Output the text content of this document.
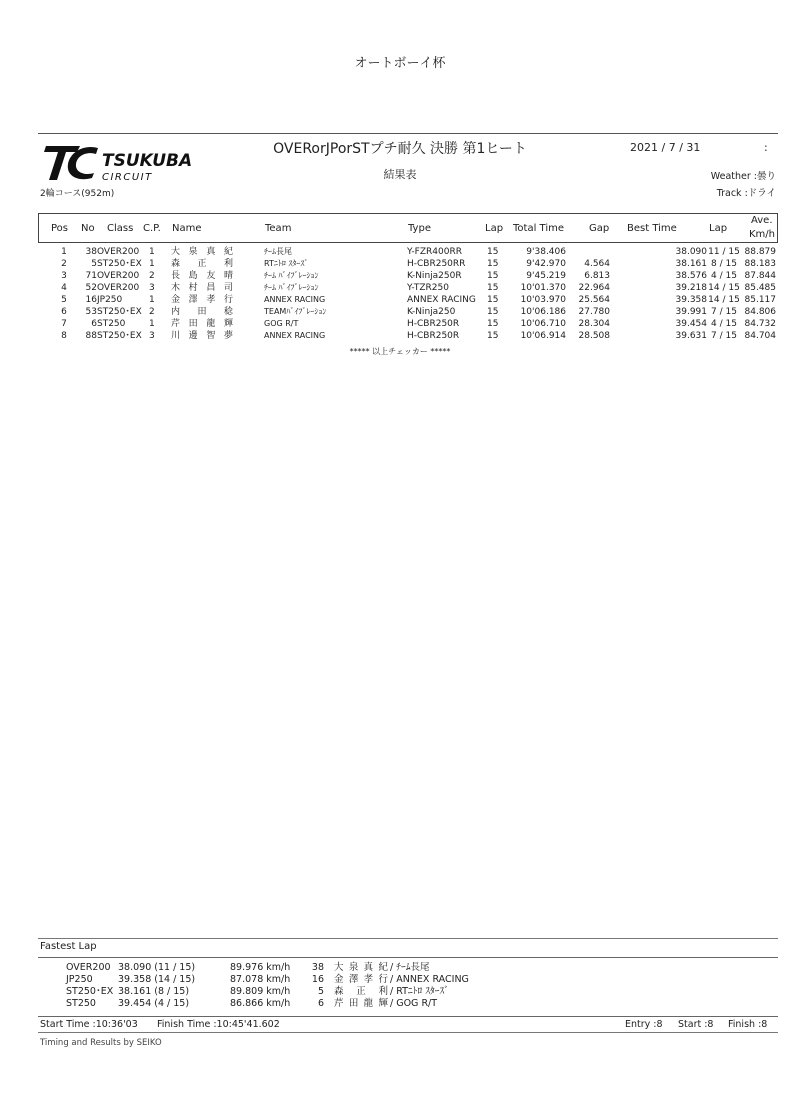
オートボーイ杯
TSUKUBA
CIRCUIT
2輪コース(952m)
OVERorJPorSTプチ耐久 決勝 第1ヒート
結果表
2021 / 7 / 31	:
Weather :曇り
Track :ドライ
Pos No Class C.P. Name	Team	Type	Lap Total Time Gap Best Time	Lap
Ave.
Km/h
1	38 OVER200 1 大泉真紀	ﾁｰﾑ長尾	Y-FZR400RR	15	9'38.406	38.090 11 / 15 88.879
2	5 ST250･EX 1 森正利	RTﾆﾄﾛ ｽﾀｰｽﾞ	H-CBR250RR 15	9'42.970	4.564	38.161 8 / 15 88.183
3	71 OVER200 2 長島友晴	ﾁｰﾑ ﾊﾞｲﾌﾞﾚｰｼｮﾝ	K-Ninja250R	15	9'45.219	6.813	38.576 4 / 15 87.844
4	52 OVER200 3 木村昌司	ﾁｰﾑ ﾊﾞｲﾌﾞﾚｰｼｮﾝ	Y-TZR250	15	10'01.370	22.964	39.218 14 / 15 85.485
5	16 JP250	1 金澤孝行	ANNEX RACING	ANNEX RACING 15	10'03.970	25.564	39.358 14 / 15 85.117
6	53 ST250･EX 2 内田稔	TEAMﾊﾞｲﾌﾞﾚｰｼｮﾝ	K-Ninja250	15	10'06.186	27.780	39.991 7 / 15 84.806
7	6 ST250	1 芹田龍輝	GOG R/T	H-CBR250R	15	10'06.710	28.304	39.454 4 / 15 84.732
8	88 ST250･EX 3 川邊智夢	ANNEX RACING	H-CBR250R	15	10'06.914	28.508	39.631 7 / 15 84.704
***** 以上チェッカー *****
Fastest Lap
OVER200 38.090 (11 / 15)	89.976 km/h 38 大泉真紀 / ﾁｰﾑ長尾
JP250	39.358 (14 / 15)	87.078 km/h 16 金澤孝行 / ANNEX RACING
ST250･EX 38.161 (8 / 15)	89.809 km/h	5 森正利 / RTﾆﾄﾛ ｽﾀｰｽﾞ
ST250	39.454 (4 / 15)	86.866 km/h	6 芹田龍輝 / GOG R/T
Start Time :10:36'03 Finish Time :10:45'41.602	Entry :8 Start :8 Finish :8
Timing and Results by SEIKO
